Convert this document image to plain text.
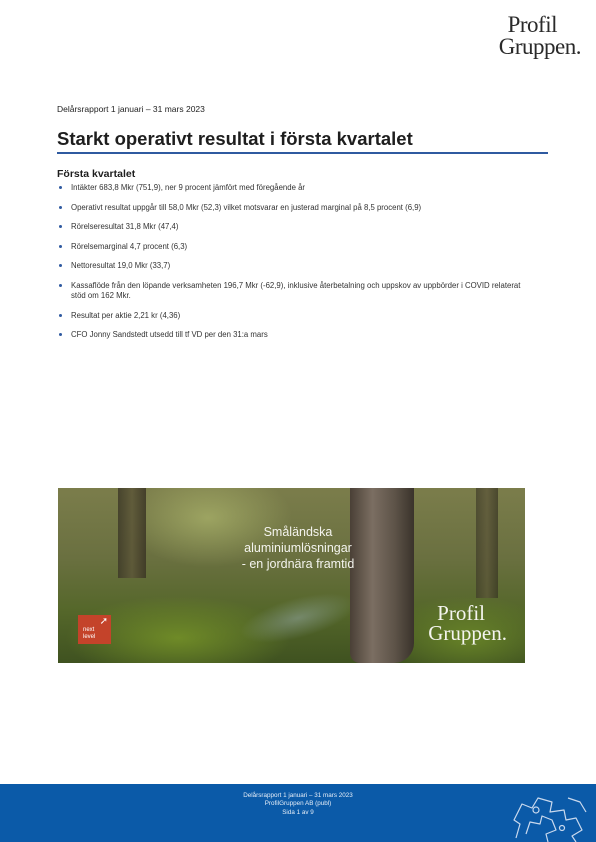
Profil
Gruppen.
Delårsrapport 1 januari – 31 mars 2023
Starkt operativt resultat i första kvartalet
Första kvartalet
Intäkter 683,8 Mkr (751,9), ner 9 procent jämfört med föregående år
Operativt resultat uppgår till 58,0 Mkr (52,3) vilket motsvarar en justerad marginal på 8,5 procent (6,9)
Rörelseresultat 31,8 Mkr (47,4)
Rörelsemarginal 4,7 procent (6,3)
Nettoresultat 19,0 Mkr (33,7)
Kassaflöde från den löpande verksamheten 196,7 Mkr (-62,9), inklusive återbetalning och uppskov av uppbörder i COVID relaterat stöd om 162 Mkr.
Resultat per aktie 2,21 kr (4,36)
CFO Jonny Sandstedt utsedd till tf VD per den 31:a mars
Småländska
aluminiumlösningar
- en jordnära framtid
➚
next
level
Profil
Gruppen.
Delårsrapport 1 januari – 31 mars 2023
ProfilGruppen AB (publ)
Sida 1 av 9
